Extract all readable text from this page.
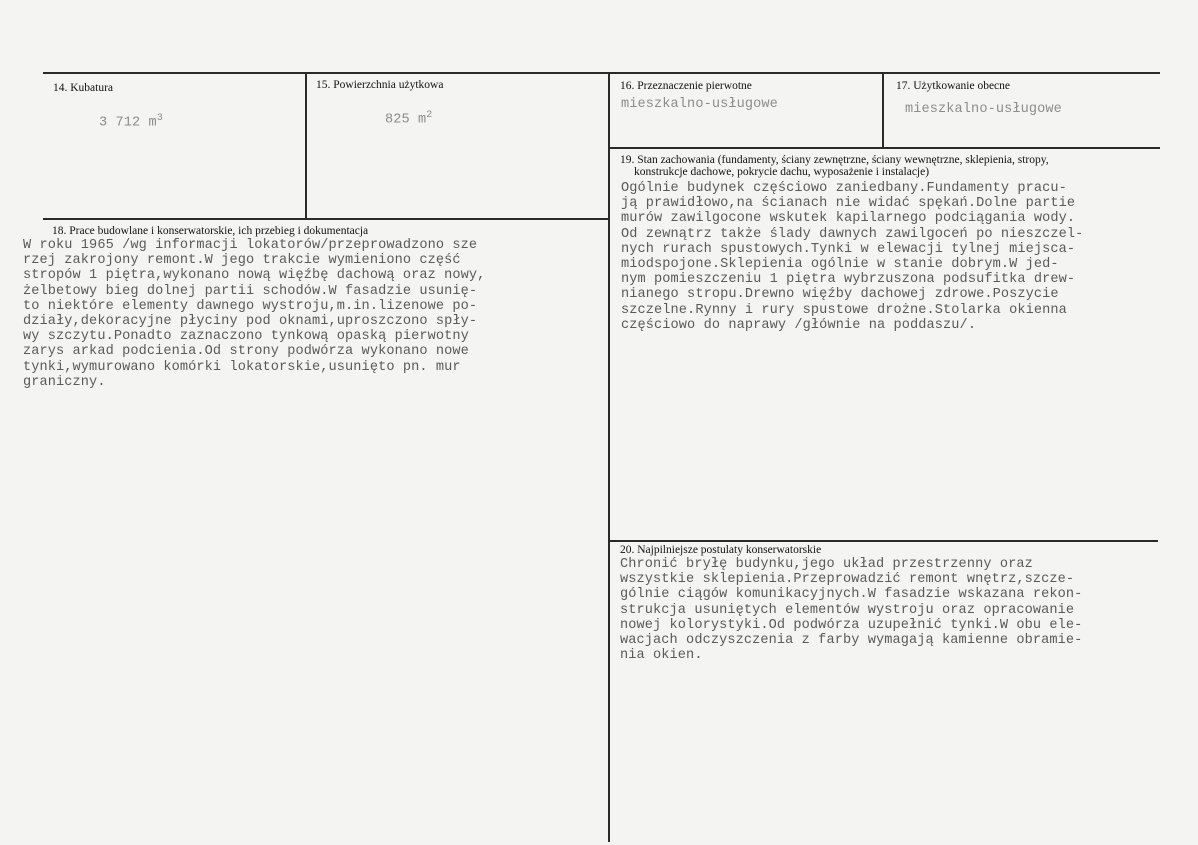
14. Kubatura
3 712 $m^3$
15. Powierzchnia użytkowa
825 $m^2$
16. Przeznaczenie pierwotne
mieszkalno-usługowe
17. Użytkowanie obecne
mieszkalno-usługowe
19. Stan zachowania (fundamenty, ściany zewnętrzne, ściany wewnętrzne, sklepienia, stropy,
konstrukcje dachowe, pokrycie dachu, wyposażenie i instalacje)
Ogólnie budynek częściowo zaniedbany.Fundamenty pracu-
ją prawidłowo,na ścianach nie widać spękań.Dolne partie
murów zawilgocone wskutek kapilarnego podciągania wody.
Od zewnątrz także ślady dawnych zawilgoceń po nieszczel-
nych rurach spustowych.Tynki w elewacji tylnej miejsca-
miodspojone.Sklepienia ogólnie w stanie dobrym.W jed-
nym pomieszczeniu 1 piętra wybrzuszona podsufitka drew-
nianego stropu.Drewno więźby dachowej zdrowe.Poszycie
szczelne.Rynny i rury spustowe drożne.Stolarka okienna
częściowo do naprawy /głównie na poddaszu/.
18. Prace budowlane i konserwatorskie, ich przebieg i dokumentacja
W roku 1965 /wg informacji lokatorów/przeprowadzono sze
rzej zakrojony remont.W jego trakcie wymieniono część
stropów 1 piętra,wykonano nową więźbę dachową oraz nowy,
żelbetowy bieg dolnej partii schodów.W fasadzie usunię-
to niektóre elementy dawnego wystroju,m.in.lizenowe po-
działy,dekoracyjne płyciny pod oknami,uproszczono spły-
wy szczytu.Ponadto zaznaczono tynkową opaską pierwotny
zarys arkad podcienia.Od strony podwórza wykonano nowe
tynki,wymurowano komórki lokatorskie,usunięto pn. mur
graniczny.
20. Najpilniejsze postulaty konserwatorskie
Chronić bryłę budynku,jego układ przestrzenny oraz
wszystkie sklepienia.Przeprowadzić remont wnętrz,szcze-
gólnie ciągów komunikacyjnych.W fasadzie wskazana rekon-
strukcja usuniętych elementów wystroju oraz opracowanie
nowej kolorystyki.Od podwórza uzupełnić tynki.W obu ele-
wacjach odczyszczenia z farby wymagają kamienne obramie-
nia okien.
